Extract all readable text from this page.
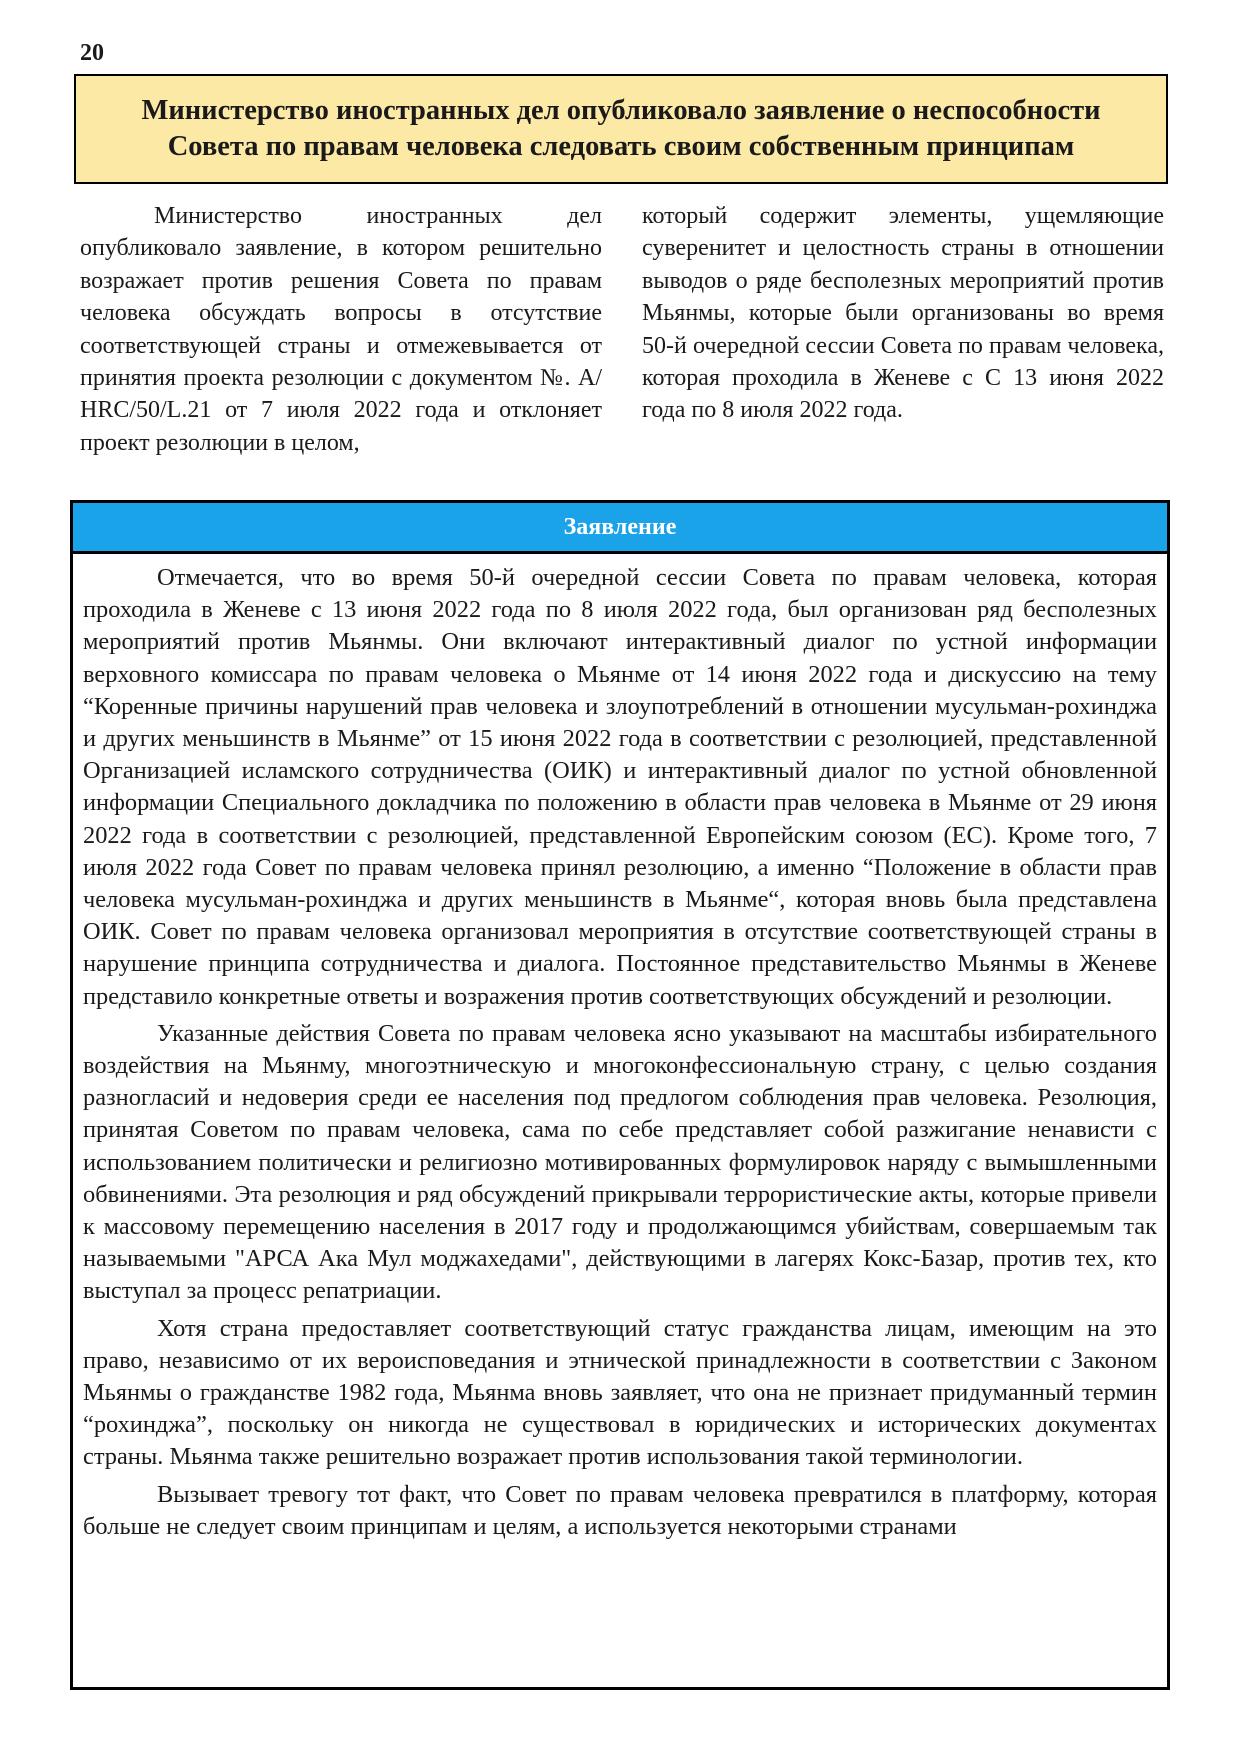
20
Министерство иностранных дел опубликовало заявление о неспособности
Совета по правам человека следовать своим собственным принципам

Министерство иностранных дел опубликовало заявление, в котором решительно возражает против решения Совета по правам человека обсуждать вопросы в отсутствие соответствующей страны и отмежевывается от принятия проекта резолюции с документом №. A/ HRC/50/L.21 от 7 июля 2022 года и отклоняет проект резолюции в целом,

который содержит элементы, ущемляющие суверенитет и целостность страны в отношении выводов о ряде бесполезных мероприятий против Мьянмы, которые были организованы во время 50-й очередной сессии Совета по правам человека, которая проходила в Женеве с С 13 июня 2022 года по 8 июля 2022 года.

Заявление

Отмечается, что во время 50-й очередной сессии Совета по правам человека, которая проходила в Женеве с 13 июня 2022 года по 8 июля 2022 года, был организован ряд бесполезных мероприятий против Мьянмы. Они включают интерактивный диалог по устной информации верховного комиссара по правам человека о Мьянме от 14 июня 2022 года и дискуссию на тему “Коренные причины нарушений прав человека и злоупотреблений в отношении мусульман-рохинджа и других меньшинств в Мьянме” от 15 июня 2022 года в соответствии с резолюцией, представленной Организацией исламского сотрудничества (ОИК) и интерактивный диалог по устной обновленной информации Специального докладчика по положению в области прав человека в Мьянме от 29 июня 2022 года в соответствии с резолюцией, представленной Европейским союзом (ЕС). Кроме того, 7 июля 2022 года Совет по правам человека принял резолюцию, а именно “Положение в области прав человека мусульман-рохинджа и других меньшинств в Мьянме“, которая вновь была представлена ОИК. Совет по правам человека организовал мероприятия в отсутствие соответствующей страны в нарушение принципа сотрудничества и диалога. Постоянное представительство Мьянмы в Женеве представило конкретные ответы и возражения против соответствующих обсуждений и резолюции.

Указанные действия Совета по правам человека ясно указывают на масштабы избирательного воздействия на Мьянму, многоэтническую и многоконфессиональную страну, с целью создания разногласий и недоверия среди ее населения под предлогом соблюдения прав человека. Резолюция, принятая Советом по правам человека, сама по себе представляет собой разжигание ненависти с использованием политически и религиозно мотивированных формулировок наряду с вымышленными обвинениями. Эта резолюция и ряд обсуждений прикрывали террористические акты, которые привели к массовому перемещению населения в 2017 году и продолжающимся убийствам, совершаемым так называемыми "АРСА Ака Мул моджахедами", действующими в лагерях Кокс-Базар, против тех, кто выступал за процесс репатриации.

Хотя страна предоставляет соответствующий статус гражданства лицам, имеющим на это право, независимо от их вероисповедания и этнической принадлежности в соответствии с Законом Мьянмы о гражданстве 1982 года, Мьянма вновь заявляет, что она не признает придуманный термин “рохинджа”, поскольку он никогда не существовал в юридических и исторических документах страны. Мьянма также решительно возражает против использования такой терминологии.

Вызывает тревогу тот факт, что Совет по правам человека превратился в платформу, которая больше не следует своим принципам и целям, а используется некоторыми странами
